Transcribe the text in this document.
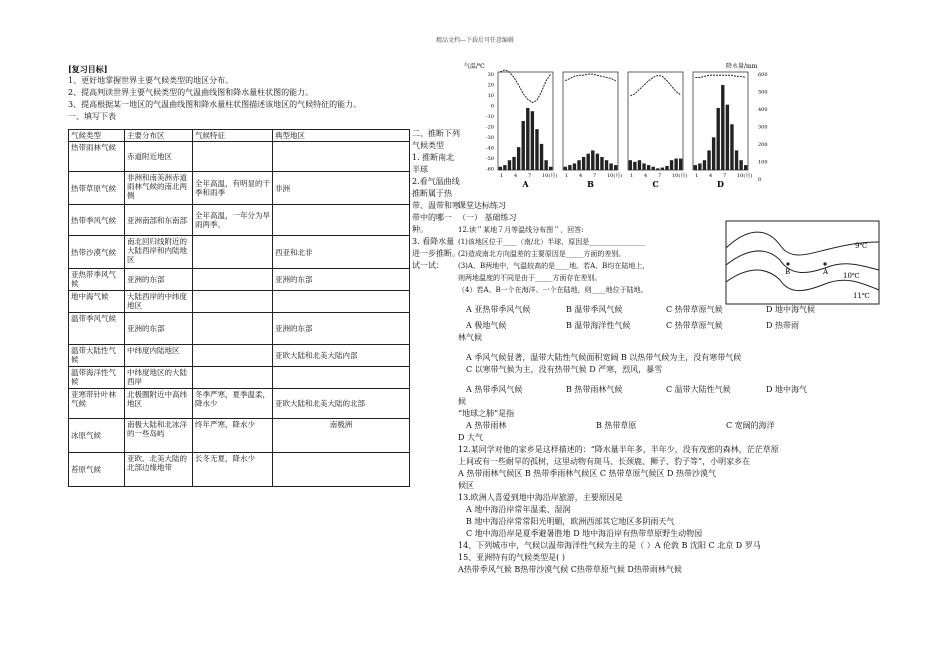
精品文档---下载后可任意编辑
[复习目标]
1、更好地掌握世界主要气候类型的地区分布。
2、提高判读世界主要气候类型的气温曲线图和降水量柱状图的能力。
3、提高根据某一地区的气温曲线图和降水量柱状图描述该地区的气候特征的能力。
一、填写下表
气候类型	主要分布区	气候特征	典型地区
热带雨林气候	赤道附近地区		
热带草原气候	非洲和南美洲赤道雨林气候的南北两侧	全年高温，有明显的干季和雨季	非洲
热带季风气候	亚洲南部和东南部	全年高温，一年分为旱雨两季。	
热带沙漠气候	南北回归线附近的大陆西岸和内陆地区		西亚和北非
亚热带季风气候	亚洲的东部		亚洲的东部
地中海气候	大陆西岸的中纬度地区		
温带季风气候	亚洲的东部		亚洲的东部
温带大陆性气候	中纬度内陆地区		亚欧大陆和北美大陆内部
温带海洋性气候	中纬度地区的大陆西岸		
亚寒带针叶林气候	北极圈附近中高纬地区	冬季严寒，夏季温柔，降水少	亚欧大陆和北美大陆的北部
冰原气候	南极大陆和北冰洋的一些岛屿	终年严寒，降水少	南极洲
苔原气候	亚欧、北美大陆的北部边缘地带	长冬无夏，降水少	
二、推断下列气候类型
1. 推断南北半球
2.看气温曲线推断属于热带、温带和寒带中的哪一种。
3. 看降水量进一步推断。
试一试：
气温/℃	降水量/mm
30
20
10
0
-10
-20
-30
-40
-50
-60
600
500
400
300
200
100
0
1 4 7 10(月)
A
1 4 7 10(月)
B
1 4 7 10(月)
C
1 4 7 10(月)
D
课堂达标练习
（一） 基础练习
12.读＂某地７月等温线分布图＂，回答:
(1)该地区位于____（南/北）半球，原因是________________
(2)造成南北方向温差的主要原因是_____方面的差别。
(3)A、B两地中，气温较高的是____地。若A、B均在陆地上，
则两地温度的不同是由于_____方面存在差别。
（4）若A、B一个在海洋、一个在陆地，则____地位于陆地。
A 亚热带季风气候	B 温带季风气候	C 热带草原气候	D 地中海气候
A 极地气候	B 温带海洋性气候	C 热带草原气候	D 热带雨
林气候
A 季风气候显著，温带大陆性气候面积宽阔 B 以热带气候为主，没有寒带气候
C 以寒带气候为主，没有热带气候 D 严寒，烈风，暴雪
A 热带季风气候	B 热带雨林气候	C 温带大陆性气候	D 地中海气
候
“地球之肺”是指
A 热带雨林	B 热带草原	C 宽阔的海洋
D 大气
12.某同学对他的家乡是这样描述的：“降水量半年多，半年少，没有茂密的森林，茫茫草原
上间或有一些耐旱的孤树，这里动物有斑马、长颈鹿、狮子、豹子等”，小明家乡在
A 热带雨林气候区 B 热带季雨林气候区 C 热带草原气候区 D 热带沙漠气
候区
13.欧洲人喜爱到地中海沿岸旅游，主要原因是
A 地中海沿岸常年温柔、湿润
B 地中海沿岸常常阳光明媚，欧洲西部其它地区多阴雨天气
C 地中海沿岸是夏季避暑胜地 D 地中海沿岸有热带草原野生动物园
14、下列城市中，气候以温带海洋性气候为主的是（ ）A 伦敦 B 沈阳 C 北京 D 罗马
15、亚洲特有的气候类型是( )
A热带季风气候 B热带沙漠气候 C热带草原气候 D热带雨林气候
9℃
B	A 10℃
11℃
